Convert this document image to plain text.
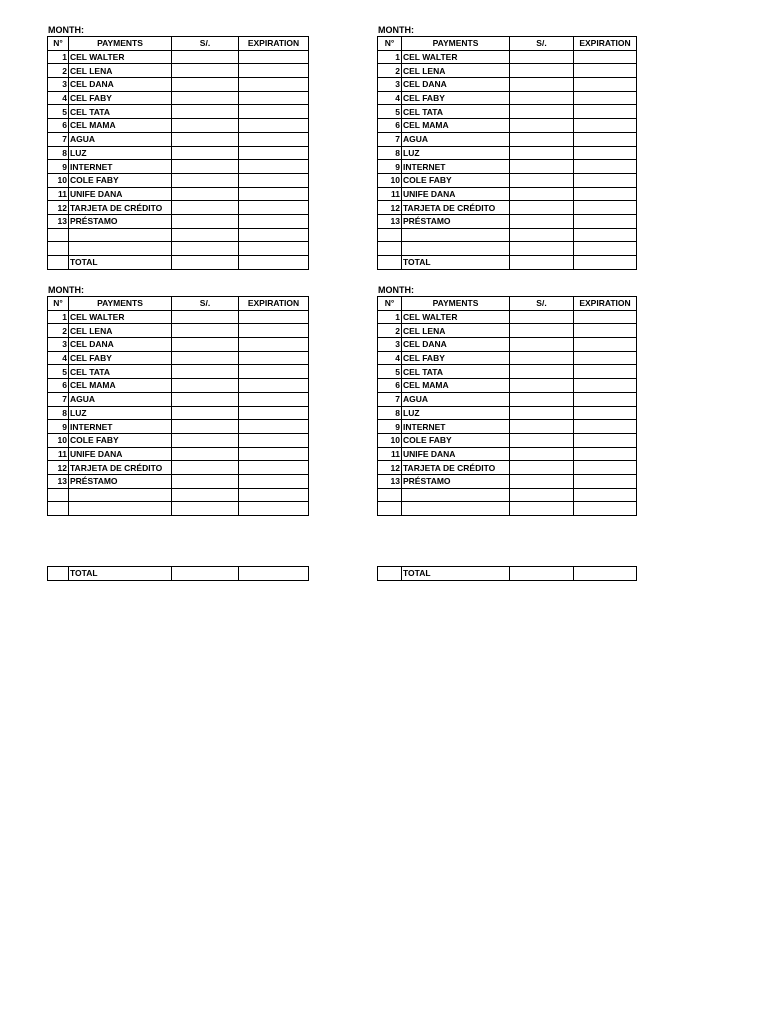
MONTH:
N°	PAYMENTS	S/.	EXPIRATION
1	CEL WALTER		
2	CEL LENA		
3	CEL DANA		
4	CEL FABY		
5	CEL TATA		
6	CEL MAMA		
7	AGUA		
8	LUZ		
9	INTERNET		
10	COLE FABY		
11	UNIFE DANA		
12	TARJETA DE CRÉDITO		
13	PRÉSTAMO		

	TOTAL		
MONTH:
N°	PAYMENTS	S/.	EXPIRATION
1	CEL WALTER		
2	CEL LENA		
3	CEL DANA		
4	CEL FABY		
5	CEL TATA		
6	CEL MAMA		
7	AGUA		
8	LUZ		
9	INTERNET		
10	COLE FABY		
11	UNIFE DANA		
12	TARJETA DE CRÉDITO		
13	PRÉSTAMO		

	TOTAL		
MONTH:
N°	PAYMENTS	S/.	EXPIRATION
1	CEL WALTER		
2	CEL LENA		
3	CEL DANA		
4	CEL FABY		
5	CEL TATA		
6	CEL MAMA		
7	AGUA		
8	LUZ		
9	INTERNET		
10	COLE FABY		
11	UNIFE DANA		
12	TARJETA DE CRÉDITO		
13	PRÉSTAMO		

	TOTAL		
MONTH:
N°	PAYMENTS	S/.	EXPIRATION
1	CEL WALTER		
2	CEL LENA		
3	CEL DANA		
4	CEL FABY		
5	CEL TATA		
6	CEL MAMA		
7	AGUA		
8	LUZ		
9	INTERNET		
10	COLE FABY		
11	UNIFE DANA		
12	TARJETA DE CRÉDITO		
13	PRÉSTAMO		

	TOTAL		
